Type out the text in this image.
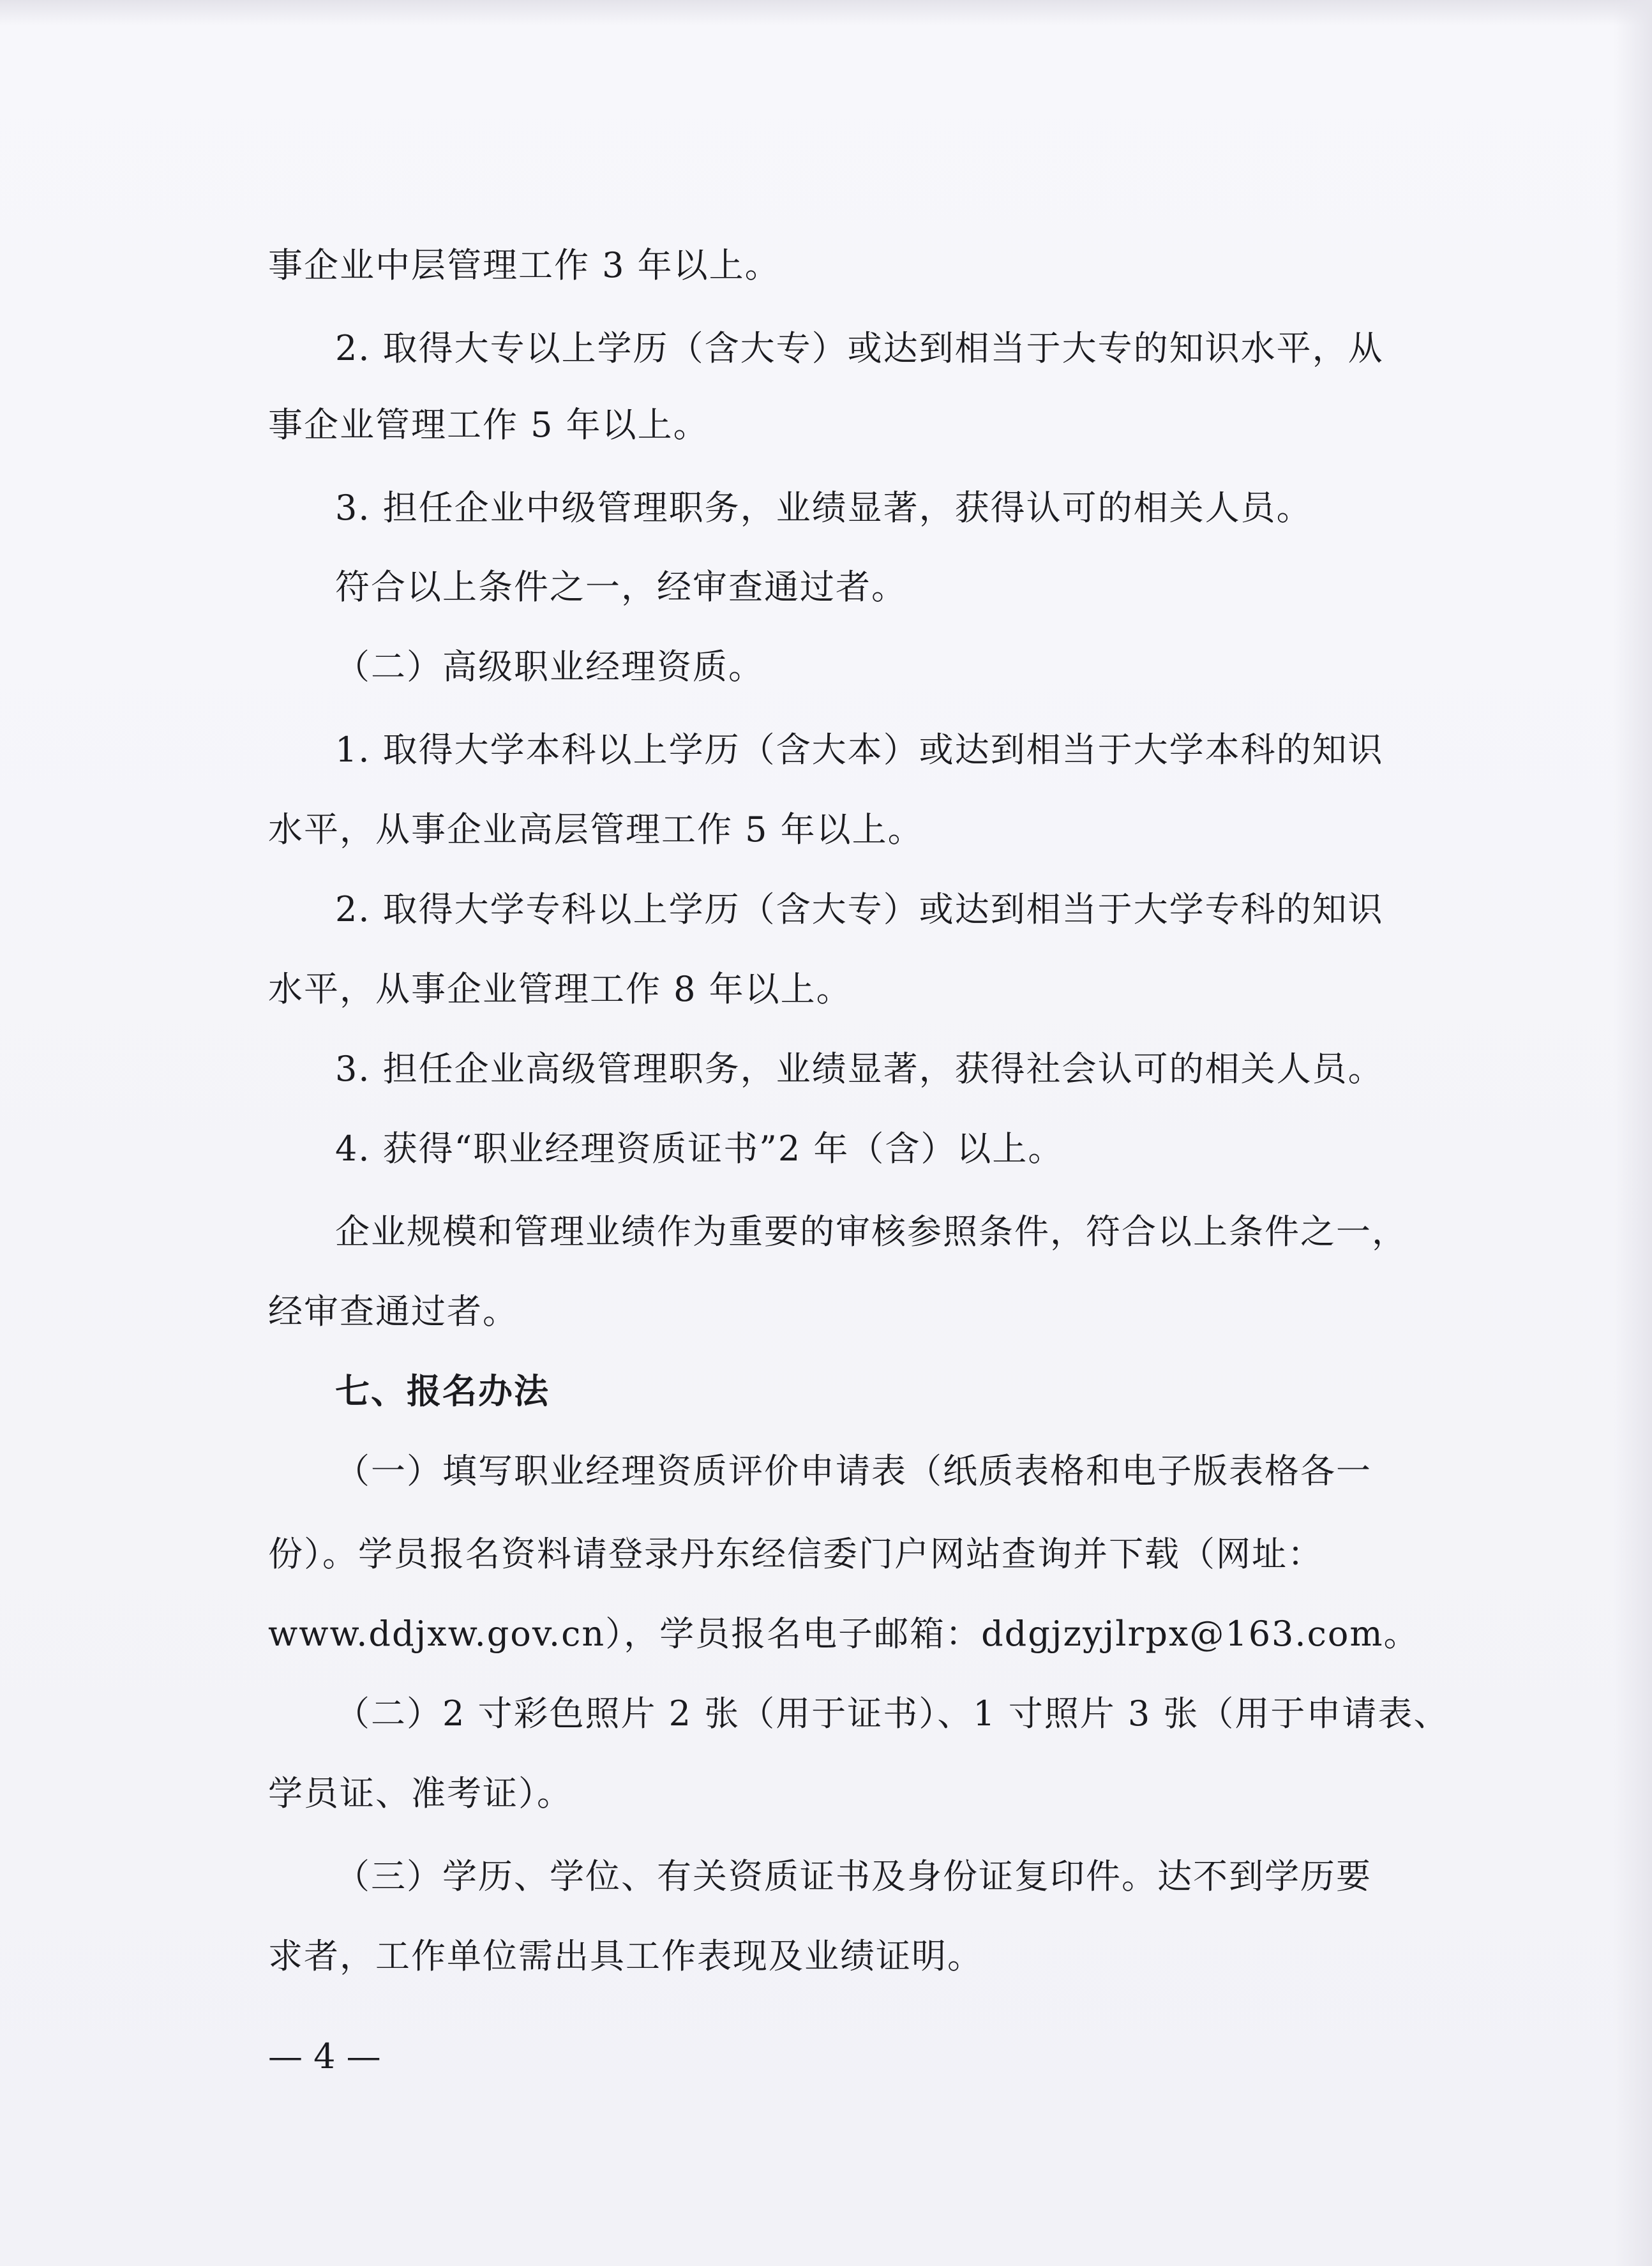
事企业中层管理工作 3 年以上。

2. 取得大专以上学历（含大专）或达到相当于大专的知识水平，从

事企业管理工作 5 年以上。

3. 担任企业中级管理职务，业绩显著，获得认可的相关人员。

符合以上条件之一，经审查通过者。

（二）高级职业经理资质。

1. 取得大学本科以上学历（含大本）或达到相当于大学本科的知识

水平，从事企业高层管理工作 5 年以上。

2. 取得大学专科以上学历（含大专）或达到相当于大学专科的知识

水平，从事企业管理工作 8 年以上。

3. 担任企业高级管理职务，业绩显著，获得社会认可的相关人员。

4. 获得“职业经理资质证书”2 年（含）以上。

企业规模和管理业绩作为重要的审核参照条件，符合以上条件之一，

经审查通过者。

七、报名办法

（一）填写职业经理资质评价申请表（纸质表格和电子版表格各一

份）。学员报名资料请登录丹东经信委门户网站查询并下载（网址：

www.ddjxw.gov.cn），学员报名电子邮箱：ddgjzyjlrpx@163.com。

（二）2 寸彩色照片 2 张（用于证书）、1 寸照片 3 张（用于申请表、

学员证、准考证）。

（三）学历、学位、有关资质证书及身份证复印件。达不到学历要

求者，工作单位需出具工作表现及业绩证明。

— 4 —
